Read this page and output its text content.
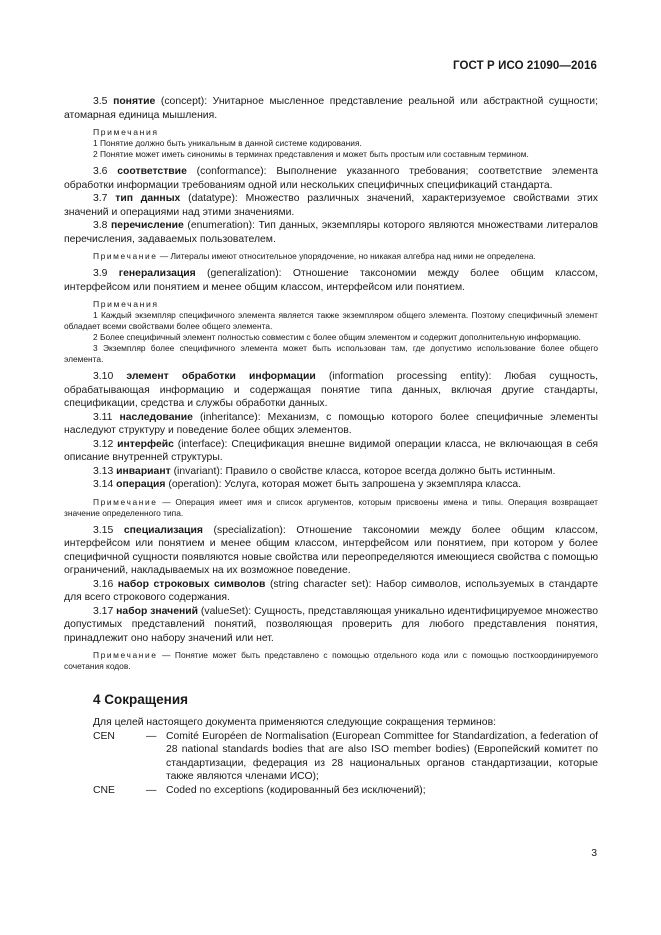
ГОСТ Р ИСО 21090—2016

3.5 понятие (concept): Унитарное мысленное представление реальной или абстрактной сущности; атомарная единица мышления.

Примечания

1 Понятие должно быть уникальным в данной системе кодирования.

2 Понятие может иметь синонимы в терминах представления и может быть простым или составным термином.

3.6 соответствие (conformance): Выполнение указанного требования; соответствие элемента обработки информации требованиям одной или нескольких специфичных спецификаций стандарта.

3.7 тип данных (datatype): Множество различных значений, характеризуемое свойствами этих значений и операциями над этими значениями.

3.8 перечисление (enumeration): Тип данных, экземпляры которого являются множествами литералов перечисления, задаваемых пользователем.

Примечание — Литералы имеют относительное упорядочение, но никакая алгебра над ними не определена.

3.9 генерализация (generalization): Отношение таксономии между более общим классом, интерфейсом или понятием и менее общим классом, интерфейсом или понятием.

Примечания

1 Каждый экземпляр специфичного элемента является также экземпляром общего элемента. Поэтому специфичный элемент обладает всеми свойствами более общего элемента.

2 Более специфичный элемент полностью совместим с более общим элементом и содержит дополнительную информацию.

3 Экземпляр более специфичного элемента может быть использован там, где допустимо использование более общего элемента.

3.10 элемент обработки информации (information processing entity): Любая сущность, обрабатывающая информацию и содержащая понятие типа данных, включая другие стандарты, спецификации, средства и службы обработки данных.

3.11 наследование (inheritance): Механизм, с помощью которого более специфичные элементы наследуют структуру и поведение более общих элементов.

3.12 интерфейс (interface): Спецификация внешне видимой операции класса, не включающая в себя описание внутренней структуры.

3.13 инвариант (invariant): Правило о свойстве класса, которое всегда должно быть истинным.

3.14 операция (operation): Услуга, которая может быть запрошена у экземпляра класса.

Примечание — Операция имеет имя и список аргументов, которым присвоены имена и типы. Операция возвращает значение определенного типа.

3.15 специализация (specialization): Отношение таксономии между более общим классом, интерфейсом или понятием и менее общим классом, интерфейсом или понятием, при котором у более специфичной сущности появляются новые свойства или переопределяются имеющиеся свойства с помощью ограничений, накладываемых на их возможное поведение.

3.16 набор строковых символов (string character set): Набор символов, используемых в стандарте для всего строкового содержания.

3.17 набор значений (valueSet): Сущность, представляющая уникально идентифицируемое множество допустимых представлений понятий, позволяющая проверить для любого представления понятия, принадлежит оно набору значений или нет.

Примечание — Понятие может быть представлено с помощью отдельного кода или с помощью посткоординируемого сочетания кодов.

4 Сокращения

Для целей настоящего документа применяются следующие сокращения терминов:

CEN	— Comité Européen de Normalisation (European Committee for Standardization, a federation of 28 national standards bodies that are also ISO member bodies) (Европейский комитет по стандартизации, федерация из 28 национальных органов стандартизации, которые также являются членами ИСО);
CNE	— Coded no exceptions (кодированный без исключений);
3
